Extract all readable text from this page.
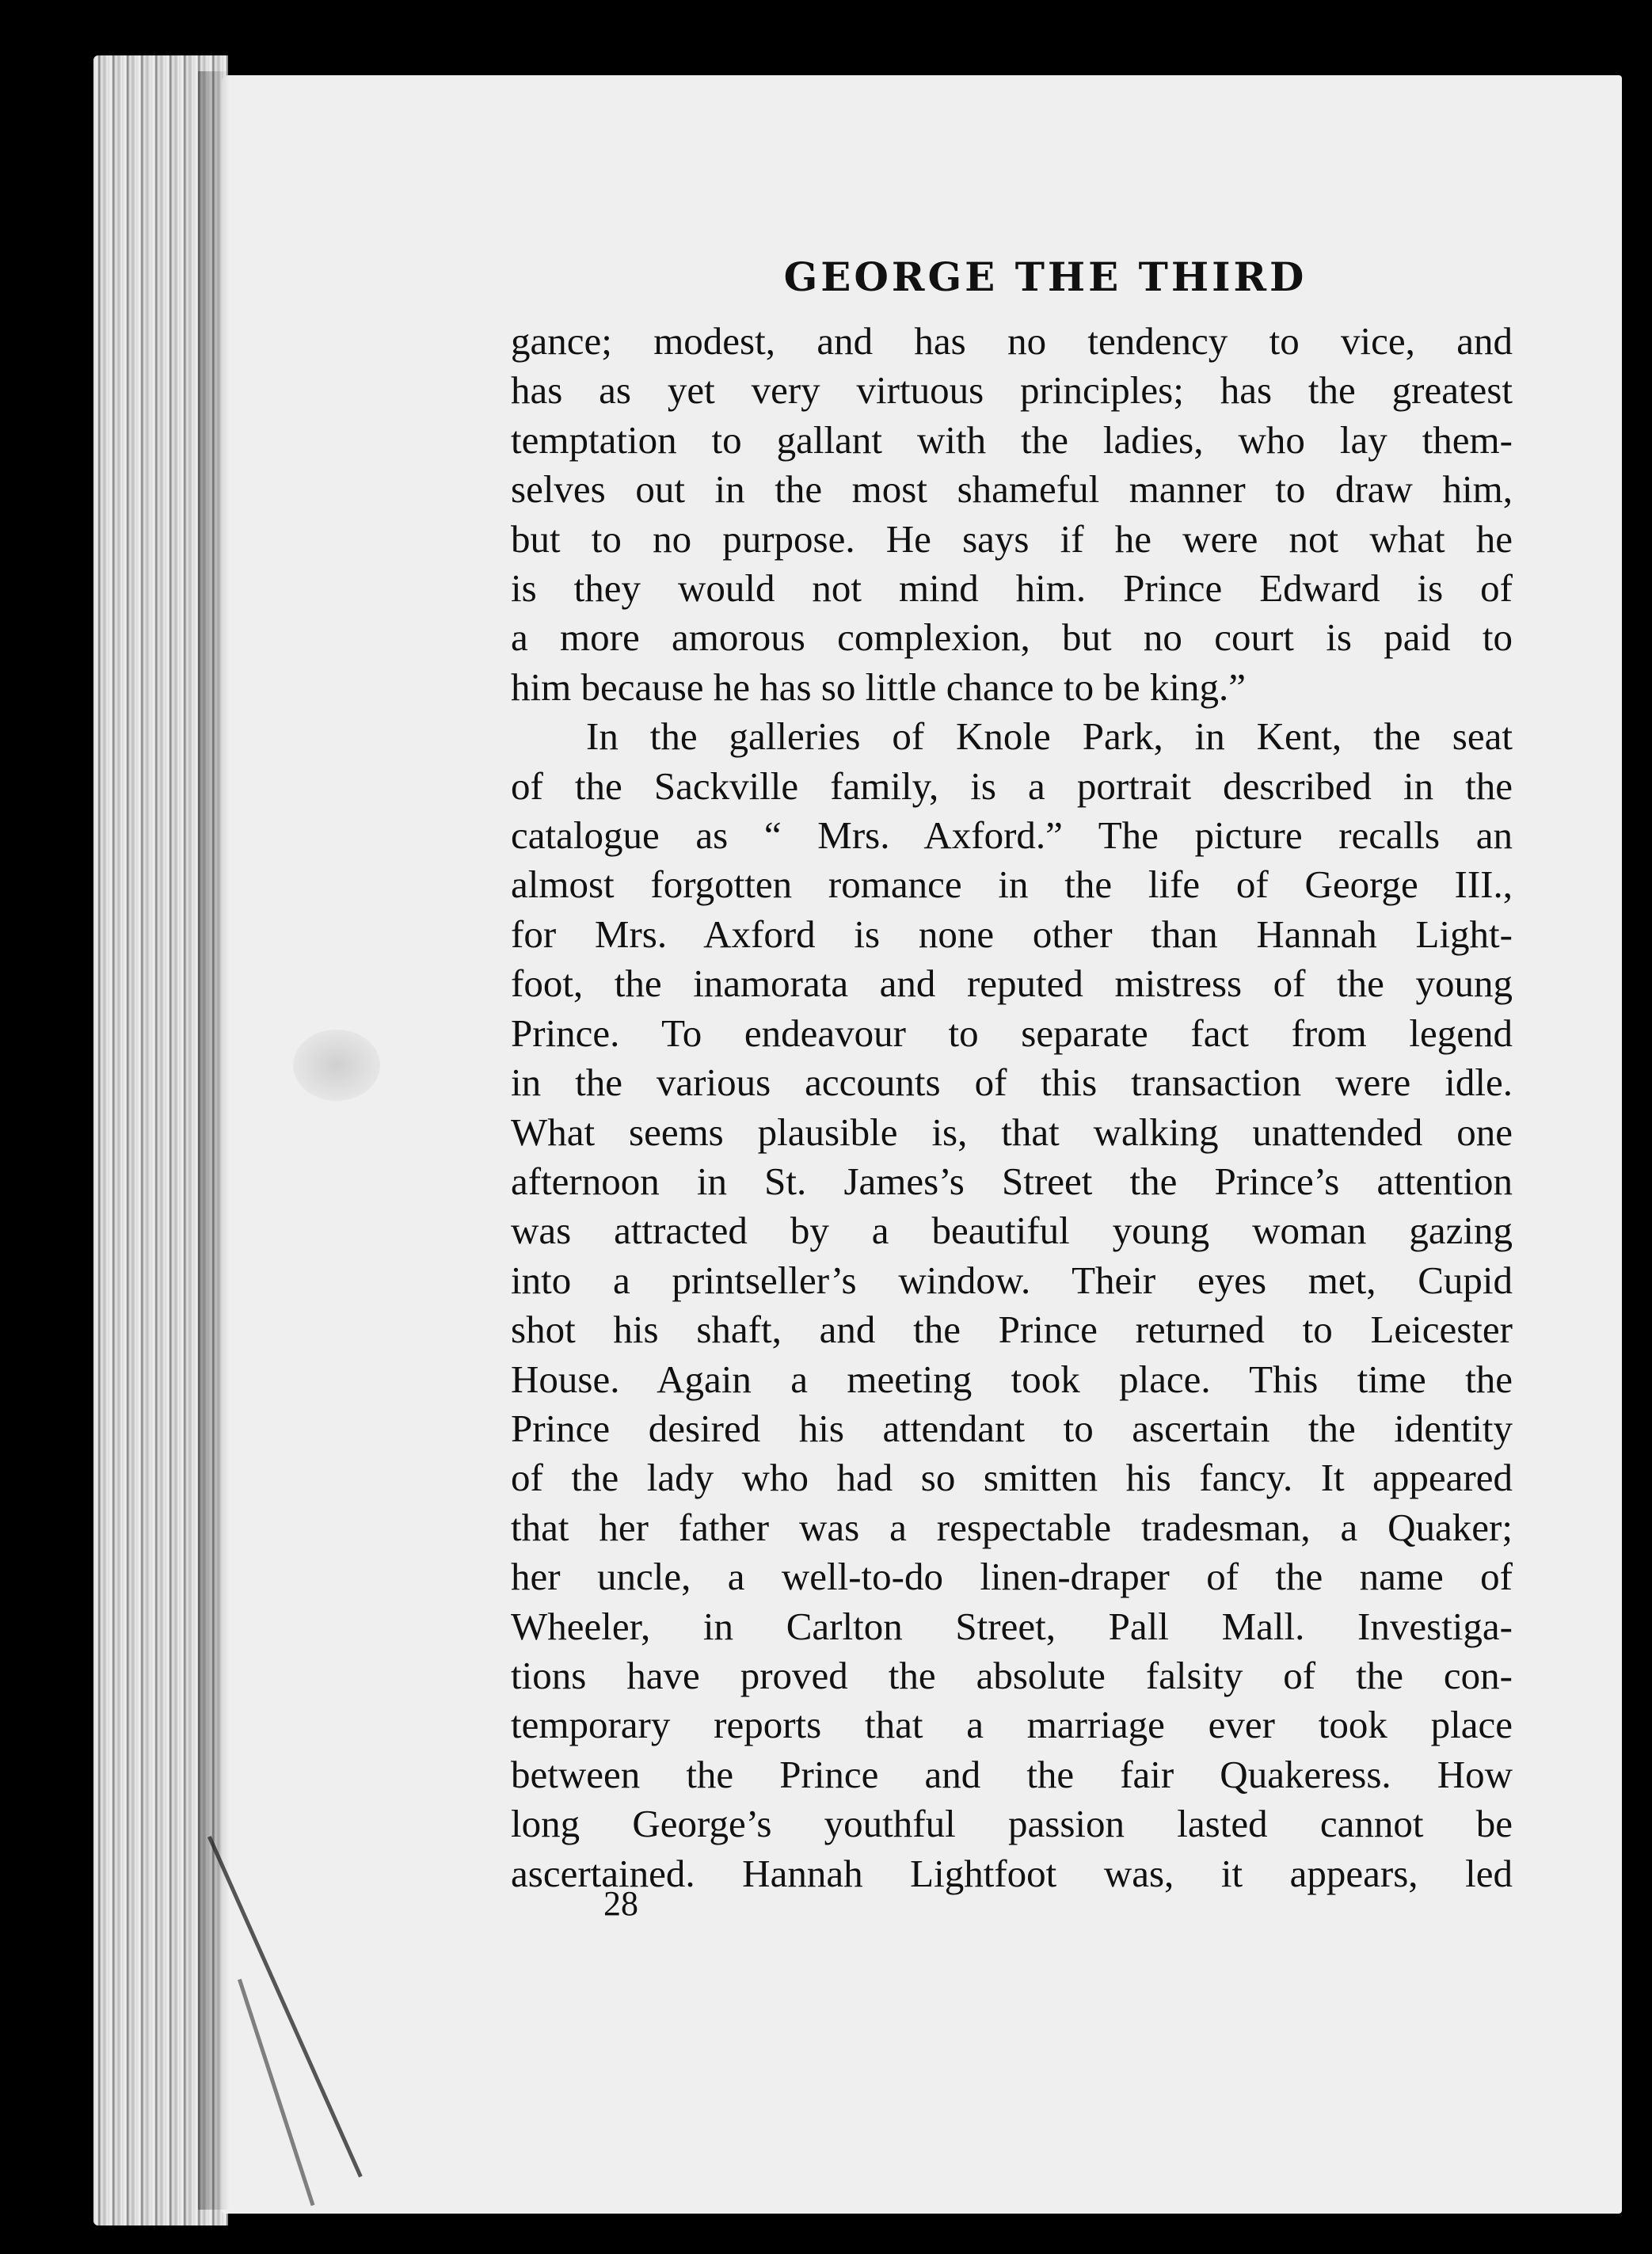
GEORGE THE THIRD
gance; modest, and has no tendency to vice, and
has as yet very virtuous principles; has the greatest
temptation to gallant with the ladies, who lay them-
selves out in the most shameful manner to draw him,
but to no purpose. He says if he were not what he
is they would not mind him. Prince Edward is of
a more amorous complexion, but no court is paid to
him because he has so little chance to be king.”
In the galleries of Knole Park, in Kent, the seat
of the Sackville family, is a portrait described in the
catalogue as “ Mrs. Axford.” The picture recalls an
almost forgotten romance in the life of George III.,
for Mrs. Axford is none other than Hannah Light-
foot, the inamorata and reputed mistress of the young
Prince. To endeavour to separate fact from legend
in the various accounts of this transaction were idle.
What seems plausible is, that walking unattended one
afternoon in St. James’s Street the Prince’s attention
was attracted by a beautiful young woman gazing
into a printseller’s window. Their eyes met, Cupid
shot his shaft, and the Prince returned to Leicester
House. Again a meeting took place. This time the
Prince desired his attendant to ascertain the identity
of the lady who had so smitten his fancy. It appeared
that her father was a respectable tradesman, a Quaker;
her uncle, a well-to-do linen-draper of the name of
Wheeler, in Carlton Street, Pall Mall. Investiga-
tions have proved the absolute falsity of the con-
temporary reports that a marriage ever took place
between the Prince and the fair Quakeress. How
long George’s youthful passion lasted cannot be
ascertained. Hannah Lightfoot was, it appears, led
28
